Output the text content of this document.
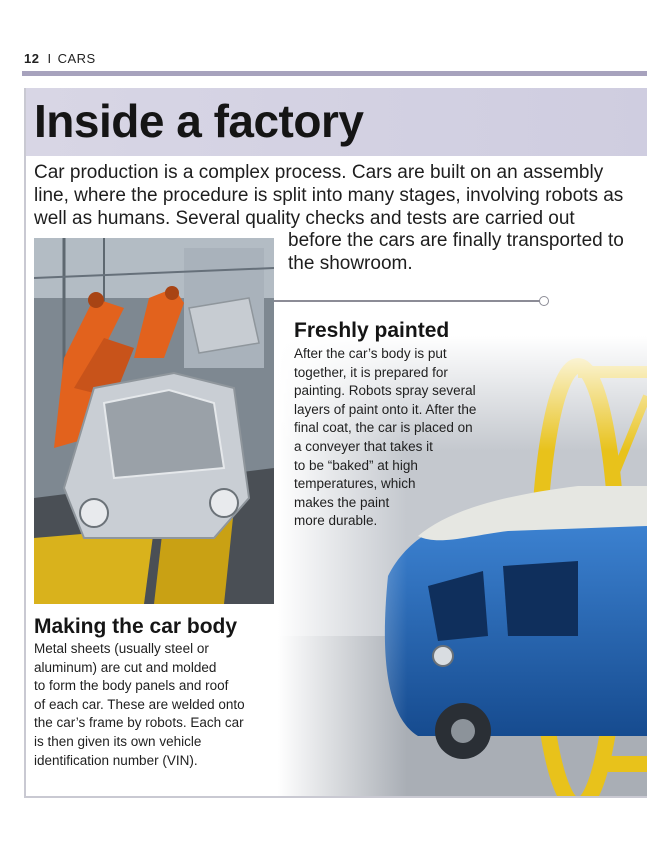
12 I CARS
Inside a factory

Car production is a complex process. Cars are built on an assembly line, where the procedure is split into many stages, involving robots as well as humans. Several quality checks and tests are carried out

before the cars are finally transported to the showroom.

Freshly painted
After the car’s body is put
together, it is prepared for
painting. Robots spray several
layers of paint onto it. After the
final coat, the car is placed on
a conveyer that takes it
to be “baked” at high
temperatures, which
makes the paint
more durable.
Making the car body
Metal sheets (usually steel or
aluminum) are cut and molded
to form the body panels and roof
of each car. These are welded onto
the car’s frame by robots. Each car
is then given its own vehicle
identification number (VIN).
